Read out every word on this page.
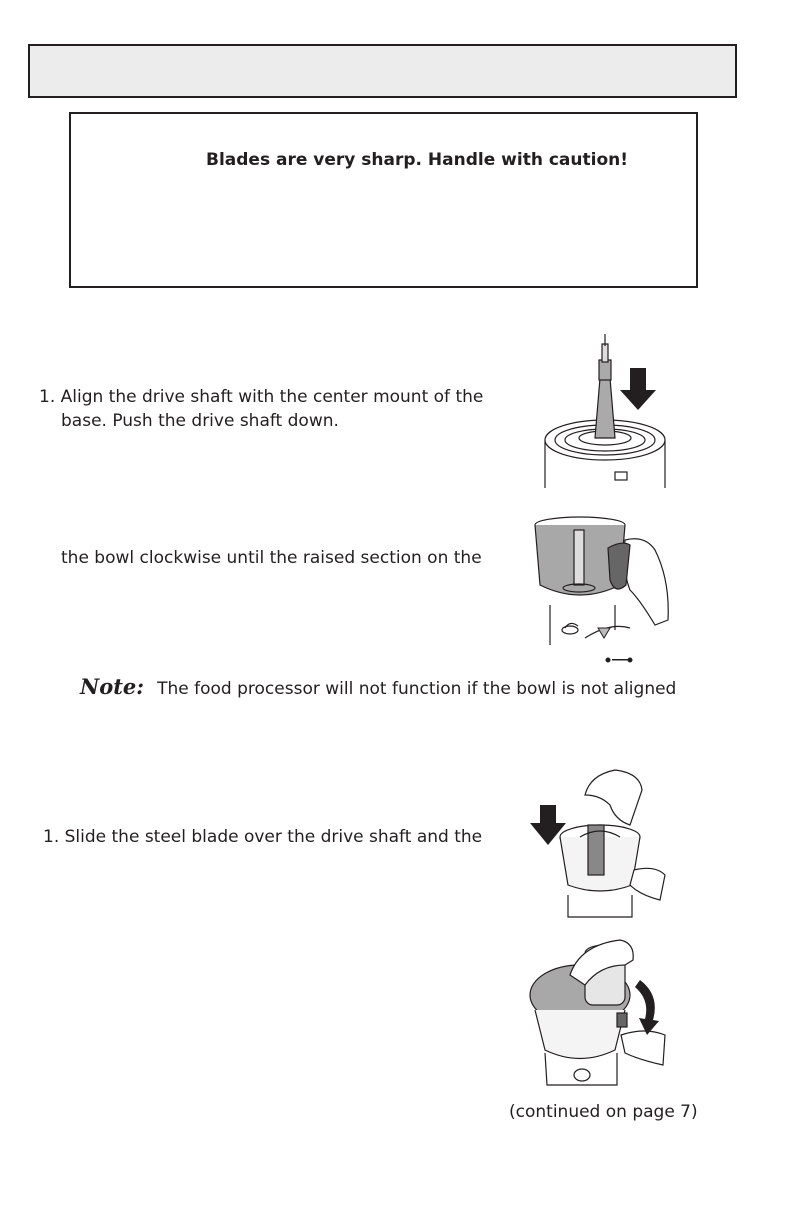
Blades are very sharp. Handle with caution!
1. Align the drive shaft with the center mount of the
base. Push the drive shaft down.
the bowl clockwise until the raised section on the
Note: The food processor will not function if the bowl is not aligned
1. Slide the steel blade over the drive shaft and the
(continued on page 7)
